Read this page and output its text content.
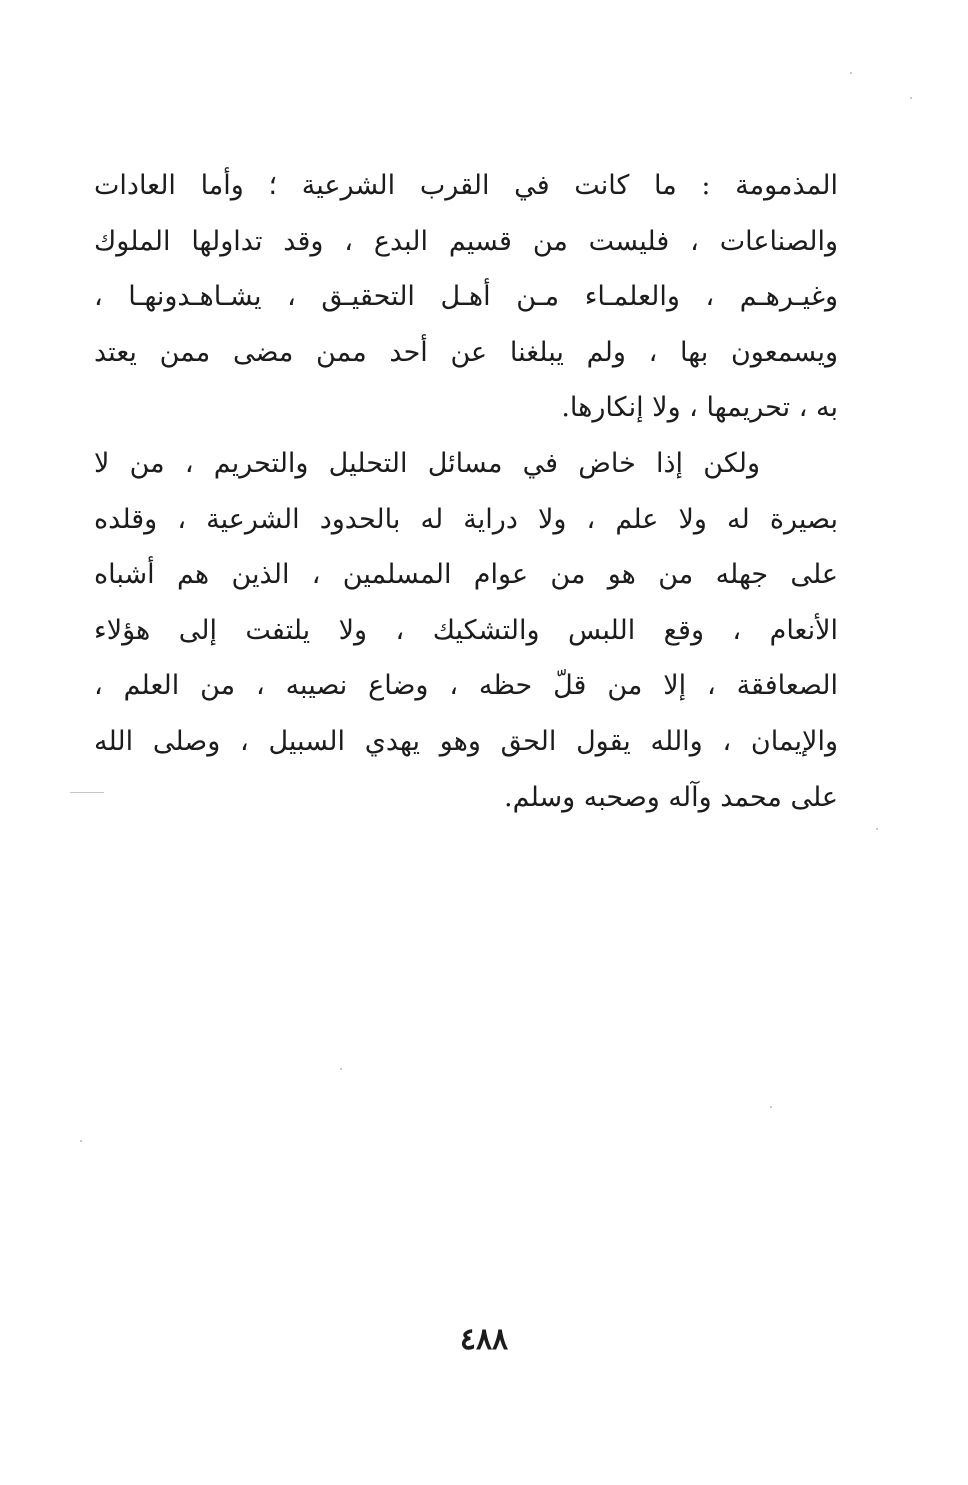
المذمومة : ما كانت في القرب الشرعية ؛ وأما العادات
والصناعات ، فليست من قسيم البدع ، وقد تداولها الملوك
وغيـرهـم ، والعلمـاء مـن أهـل التحقيـق ، يشـاهـدونهـا ،
ويسمعون بها ، ولم يبلغنا عن أحد ممن مضى ممن يعتد
به ، تحريمها ، ولا إنكارها.
ولكن إذا خاض في مسائل التحليل والتحريم ، من لا
بصيرة له ولا علم ، ولا دراية له بالحدود الشرعية ، وقلده
على جهله من هو من عوام المسلمين ، الذين هم أشباه
الأنعام ، وقع اللبس والتشكيك ، ولا يلتفت إلى هؤلاء
الصعافقة ، إلا من قلّ حظه ، وضاع نصيبه ، من العلم ،
والإيمان ، والله يقول الحق وهو يهدي السبيل ، وصلى الله
على محمد وآله وصحبه وسلم.
٤٨٨
